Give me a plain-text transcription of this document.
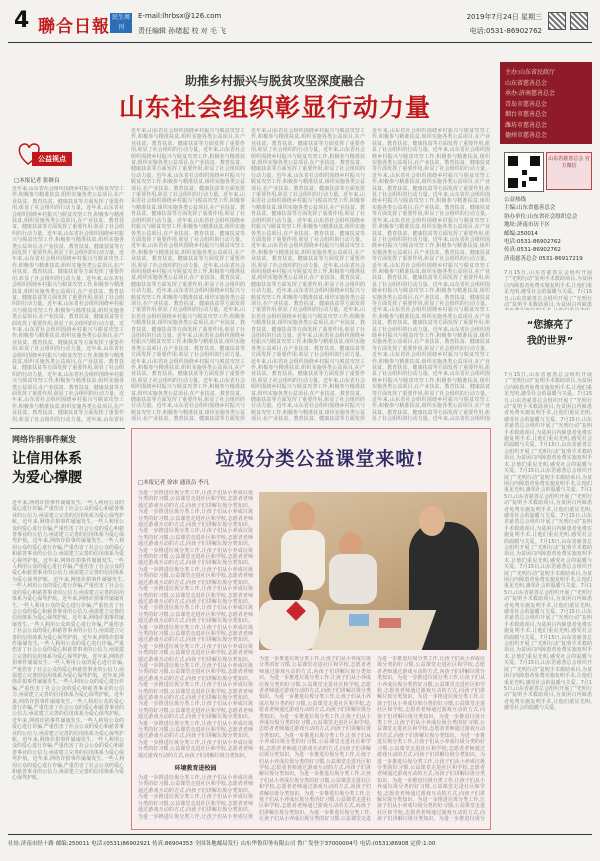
4 聯合日報 民生周刊
E-mail:lhrbsx@126.com
责任编辑 孙绪起 校 对 毛 飞
2019年7月24日 星期三
电话:0531-86902762
助推乡村振兴与脱贫攻坚深度融合
山东社会组织彰显行动力量
主办:山东省民政厅
山东省慈善总会
承办:济南慈善总会
青岛市慈善总会
烟台市慈善总会
潍坊市慈善总会
德州市慈善总会
山东省慈善总会 官方微信
公益热线
主编:山东省慈善总会
协办单位:山东省社会组织总会
地址:济南市历下区
邮编:250014
电话:0531-86902762
传真:0531-86902762
济南慈善总会 0531-86917219
公益视点
□本报记者 张继良
近年来,山东省社会组织围绕乡村振兴与脱贫攻坚工作,积极参与精准扶贫,组织实施各类公益项目,在产业扶贫、教育扶贫、健康扶贫等方面发挥了重要作用,彰显了社会组织的行动力量。近年来,山东省社会组织围绕乡村振兴与脱贫攻坚工作,积极参与精准扶贫,组织实施各类公益项目,在产业扶贫、教育扶贫、健康扶贫等方面发挥了重要作用,彰显了社会组织的行动力量。近年来,山东省社会组织围绕乡村振兴与脱贫攻坚工作,积极参与精准扶贫,组织实施各类公益项目,在产业扶贫、教育扶贫、健康扶贫等方面发挥了重要作用,彰显了社会组织的行动力量。近年来,山东省社会组织围绕乡村振兴与脱贫攻坚工作,积极参与精准扶贫,组织实施各类公益项目,在产业扶贫、教育扶贫、健康扶贫等方面发挥了重要作用,彰显了社会组织的行动力量。近年来,山东省社会组织围绕乡村振兴与脱贫攻坚工作,积极参与精准扶贫,组织实施各类公益项目,在产业扶贫、教育扶贫、健康扶贫等方面发挥了重要作用,彰显了社会组织的行动力量。近年来,山东省社会组织围绕乡村振兴与脱贫攻坚工作,积极参与精准扶贫,组织实施各类公益项目,在产业扶贫、教育扶贫、健康扶贫等方面发挥了重要作用,彰显了社会组织的行动力量。近年来,山东省社会组织围绕乡村振兴与脱贫攻坚工作,积极参与精准扶贫,组织实施各类公益项目,在产业扶贫、教育扶贫、健康扶贫等方面发挥了重要作用,彰显了社会组织的行动力量。近年来,山东省社会组织围绕乡村振兴与脱贫攻坚工作,积极参与精准扶贫,组织实施各类公益项目,在产业扶贫、教育扶贫、健康扶贫等方面发挥了重要作用,彰显了社会组织的行动力量。近年来,山东省社会组织围绕乡村振兴与脱贫攻坚工作,积极参与精准扶贫,组织实施各类公益项目,在产业扶贫、教育扶贫、健康扶贫等方面发挥了重要作用,彰显了社会组织的行动力量。近年来,山东省社会组织围绕乡村振兴与脱贫攻坚工作,积极参与精准扶贫,组织实施各类公益项目,在产业扶贫、教育扶贫、健康扶贫等方面发挥了重要作用,彰显了社会组织的行动力量。近年来,山东省社
近年来,山东省社会组织围绕乡村振兴与脱贫攻坚工作,积极参与精准扶贫,组织实施各类公益项目,在产业扶贫、教育扶贫、健康扶贫等方面发挥了重要作用,彰显了社会组织的行动力量。近年来,山东省社会组织围绕乡村振兴与脱贫攻坚工作,积极参与精准扶贫,组织实施各类公益项目,在产业扶贫、教育扶贫、健康扶贫等方面发挥了重要作用,彰显了社会组织的行动力量。近年来,山东省社会组织围绕乡村振兴与脱贫攻坚工作,积极参与精准扶贫,组织实施各类公益项目,在产业扶贫、教育扶贫、健康扶贫等方面发挥了重要作用,彰显了社会组织的行动力量。近年来,山东省社会组织围绕乡村振兴与脱贫攻坚工作,积极参与精准扶贫,组织实施各类公益项目,在产业扶贫、教育扶贫、健康扶贫等方面发挥了重要作用,彰显了社会组织的行动力量。近年来,山东省社会组织围绕乡村振兴与脱贫攻坚工作,积极参与精准扶贫,组织实施各类公益项目,在产业扶贫、教育扶贫、健康扶贫等方面发挥了重要作用,彰显了社会组织的行动力量。近年来,山东省社会组织围绕乡村振兴与脱贫攻坚工作,积极参与精准扶贫,组织实施各类公益项目,在产业扶贫、教育扶贫、健康扶贫等方面发挥了重要作用,彰显了社会组织的行动力量。近年来,山东省社会组织围绕乡村振兴与脱贫攻坚工作,积极参与精准扶贫,组织实施各类公益项目,在产业扶贫、教育扶贫、健康扶贫等方面发挥了重要作用,彰显了社会组织的行动力量。近年来,山东省社会组织围绕乡村振兴与脱贫攻坚工作,积极参与精准扶贫,组织实施各类公益项目,在产业扶贫、教育扶贫、健康扶贫等方面发挥了重要作用,彰显了社会组织的行动力量。近年来,山东省社会组织围绕乡村振兴与脱贫攻坚工作,积极参与精准扶贫,组织实施各类公益项目,在产业扶贫、教育扶贫、健康扶贫等方面发挥了重要作用,彰显了社会组织的行动力量。近年来,山东省社会组织围绕乡村振兴与脱贫攻坚工作,积极参与精准扶贫,组织实施各类公益项目,在产业扶贫、教育扶贫、健康扶贫等方面发挥了重要作用,彰显了社会组织的行动力量。近年来,山东省社会组织围绕乡村振兴与脱贫攻坚工作,积极参与精准扶贫,组织实施各类公益项目,在产业扶贫、教育扶贫、健康扶贫等方面发挥了重要作用,彰显了社会组织的行动力量。近年来,山东省社会组织围绕乡村振兴与脱贫攻坚工作,积极参与精准扶贫,组织实施各类公益项目,在产业扶贫、教育扶贫、健康扶贫等方面发挥了重要作用,彰显了社会组织的行动力量。近年来,山东省社会组织围绕乡村振兴与脱贫攻坚工作,积极参与精准扶贫,组织实施各类公益项目,在产业扶贫、教育扶贫、健康扶贫等方面发挥
近年来,山东省社会组织围绕乡村振兴与脱贫攻坚工作,积极参与精准扶贫,组织实施各类公益项目,在产业扶贫、教育扶贫、健康扶贫等方面发挥了重要作用,彰显了社会组织的行动力量。近年来,山东省社会组织围绕乡村振兴与脱贫攻坚工作,积极参与精准扶贫,组织实施各类公益项目,在产业扶贫、教育扶贫、健康扶贫等方面发挥了重要作用,彰显了社会组织的行动力量。近年来,山东省社会组织围绕乡村振兴与脱贫攻坚工作,积极参与精准扶贫,组织实施各类公益项目,在产业扶贫、教育扶贫、健康扶贫等方面发挥了重要作用,彰显了社会组织的行动力量。近年来,山东省社会组织围绕乡村振兴与脱贫攻坚工作,积极参与精准扶贫,组织实施各类公益项目,在产业扶贫、教育扶贫、健康扶贫等方面发挥了重要作用,彰显了社会组织的行动力量。近年来,山东省社会组织围绕乡村振兴与脱贫攻坚工作,积极参与精准扶贫,组织实施各类公益项目,在产业扶贫、教育扶贫、健康扶贫等方面发挥了重要作用,彰显了社会组织的行动力量。近年来,山东省社会组织围绕乡村振兴与脱贫攻坚工作,积极参与精准扶贫,组织实施各类公益项目,在产业扶贫、教育扶贫、健康扶贫等方面发挥了重要作用,彰显了社会组织的行动力量。近年来,山东省社会组织围绕乡村振兴与脱贫攻坚工作,积极参与精准扶贫,组织实施各类公益项目,在产业扶贫、教育扶贫、健康扶贫等方面发挥了重要作用,彰显了社会组织的行动力量。近年来,山东省社会组织围绕乡村振兴与脱贫攻坚工作,积极参与精准扶贫,组织实施各类公益项目,在产业扶贫、教育扶贫、健康扶贫等方面发挥了重要作用,彰显了社会组织的行动力量。近年来,山东省社会组织围绕乡村振兴与脱贫攻坚工作,积极参与精准扶贫,组织实施各类公益项目,在产业扶贫、教育扶贫、健康扶贫等方面发挥了重要作用,彰显了社会组织的行动力量。近年来,山东省社会组织围绕乡村振兴与脱贫攻坚工作,积极参与精准扶贫,组织实施各类公益项目,在产业扶贫、教育扶贫、健康扶贫等方面发挥了重要作用,彰显了社会组织的行动力量。近年来,山东省社会组织围绕乡村振兴与脱贫攻坚工作,积极参与精准扶贫,组织实施各类公益项目,在产业扶贫、教育扶贫、健康扶贫等方面发挥了重要作用,彰显了社会组织的行动力量。近年来,山东省社会组织围绕乡村振兴与脱贫攻坚工作,积极参与精准扶贫,组织实施各类公益项目,在产业扶贫、教育扶贫、健康扶贫等方面发挥了重要作用,彰显了社会组织的行动力量。近年来,山东省社会组织围绕乡村振兴与脱贫攻坚工作,积极参与精准扶贫,组织实施各类公益项目,在产业扶贫、教育扶贫、健康扶贫等方面发挥
近年来,山东省社会组织围绕乡村振兴与脱贫攻坚工作,积极参与精准扶贫,组织实施各类公益项目,在产业扶贫、教育扶贫、健康扶贫等方面发挥了重要作用,彰显了社会组织的行动力量。近年来,山东省社会组织围绕乡村振兴与脱贫攻坚工作,积极参与精准扶贫,组织实施各类公益项目,在产业扶贫、教育扶贫、健康扶贫等方面发挥了重要作用,彰显了社会组织的行动力量。近年来,山东省社会组织围绕乡村振兴与脱贫攻坚工作,积极参与精准扶贫,组织实施各类公益项目,在产业扶贫、教育扶贫、健康扶贫等方面发挥了重要作用,彰显了社会组织的行动力量。近年来,山东省社会组织围绕乡村振兴与脱贫攻坚工作,积极参与精准扶贫,组织实施各类公益项目,在产业扶贫、教育扶贫、健康扶贫等方面发挥了重要作用,彰显了社会组织的行动力量。近年来,山东省社会组织围绕乡村振兴与脱贫攻坚工作,积极参与精准扶贫,组织实施各类公益项目,在产业扶贫、教育扶贫、健康扶贫等方面发挥了重要作用,彰显了社会组织的行动力量。近年来,山东省社会组织围绕乡村振兴与脱贫攻坚工作,积极参与精准扶贫,组织实施各类公益项目,在产业扶贫、教育扶贫、健康扶贫等方面发挥了重要作用,彰显了社会组织的行动力量。近年来,山东省社会组织围绕乡村振兴与脱贫攻坚工作,积极参与精准扶贫,组织实施各类公益项目,在产业扶贫、教育扶贫、健康扶贫等方面发挥了重要作用,彰显了社会组织的行动力量。近年来,山东省社会组织围绕乡村振兴与脱贫攻坚工作,积极参与精准扶贫,组织实施各类公益项目,在产业扶贫、教育扶贫、健康扶贫等方面发挥了重要作用,彰显了社会组织的行动力量。近年来,山东省社会组织围绕乡村振兴与脱贫攻坚工作,积极参与精准扶贫,组织实施各类公益项目,在产业扶贫、教育扶贫、健康扶贫等方面发挥了重要作用,彰显了社会组织的行动力量。近年来,山东省社会组织围绕乡村振兴与脱贫攻坚工作,积极参与精准扶贫,组织实施各类公益项目,在产业扶贫、教育扶贫、健康扶贫等方面发挥了重要作用,彰显了社会组织的行动力量。近年来,山东省社会组织围绕乡村振兴与脱贫攻坚工作,积极参与精准扶贫,组织实施各类公益项目,在产业扶贫、教育扶贫、健康扶贫等方面发挥了重要作用,彰显了社会组织的行动力量。近年来,山东省社会组织围绕乡村振兴与脱贫攻坚工作,积极参与精准扶贫,组织实施各类公益项目,在产业扶贫、教育扶贫、健康扶贫等方面发挥了重要作用,彰显了社会组织的行动力量。近年来,山东省社会组织围绕乡村振兴与脱贫攻坚工作,积极参与精准扶贫,组织实施各类公益项目,在产业扶贫、教育扶贫、健康扶贫等方面发挥了重要作用,彰显了社会组织的行动力量。近年来,山东省社会组织围
7月15日,山东省慈善总会组织开展了“光明行动”复明手术救助项目,为贫困白内障患者免费实施复明手术,让他们重见光明,感受社会的温暖与关爱。7月15日,山东省慈善总会组织开展了“光明行动”复明手术救助项目,为贫困白内障患
“您擦亮了
我的世界”
7月15日,山东省慈善总会组织开展了“光明行动”复明手术救助项目,为贫困白内障患者免费实施复明手术,让他们重见光明,感受社会的温暖与关爱。7月15日,山东省慈善总会组织开展了“光明行动”复明手术救助项目,为贫困白内障患者免费实施复明手术,让他们重见光明,感受社会的温暖与关爱。7月15日,山东省慈善总会组织开展了“光明行动”复明手术救助项目,为贫困白内障患者免费实施复明手术,让他们重见光明,感受社会的温暖与关爱。7月15日,山东省慈善总会组织开展了“光明行动”复明手术救助项目,为贫困白内障患者免费实施复明手术,让他们重见光明,感受社会的温暖与关爱。7月15日,山东省慈善总会组织开展了“光明行动”复明手术救助项目,为贫困白内障患者免费实施复明手术,让他们重见光明,感受社会的温暖与关爱。7月15日,山东省慈善总会组织开展了“光明行动”复明手术救助项目,为贫困白内障患者免费实施复明手术,让他们重见光明,感受社会的温暖与关爱。7月15日,山东省慈善总会组织开展了“光明行动”复明手术救助项目,为贫困白内障患者免费实施复明手术,让他们重见光明,感受社会的温暖与关爱。7月15日,山东省慈善总会组织开展了“光明行动”复明手术救助项目,为贫困白内障患者免费实施复明手术,让他们重见光明,感受社会的温暖与关爱。7月15日,山东省慈善总会组织开展了“光明行动”复明手术救助项目,为贫困白内障患者免费实施复明手术,让他们重见光明,感受社会的温暖与关爱。7月15日,山东省慈善总会组织开展了“光明行动”复明手术救助项目,为贫困白内障患者免费实施复明手术,让他们重见光明,感受社会的温暖与关爱。7月15日,山东省慈善总会组织开展了“光明行动”复明手术救助项目,为贫困白内障患者免费实施复明手术,让他们重见光明,感受社会的温暖与关爱。7月15日,山东省慈善总会组织开展了“光明行动”复明手术救助项目,为贫困白内障患者免费实施复明手术,让他们重见光明,感受社会的温暖与关爱。7月15日,山东省慈善总会组织开展了“光明行动”复明手术救助项目,为贫困白内障患者免费实施复明手术,让他们重见光明,感受社会的温暖与关爱。7月15日,山东省慈善总会组织开展了“光明行动”复明手术救助项目,为贫困白内障患者免费实施复明手术,让他们重见光明,感受社会的温暖与关爱。
网络诈捐事件频发
让信用体系
为爱心撑腰
近年来,网络诈捐事件屡屡发生,一些人利用公众的爱心进行诈骗,严重伤害了社会公众的爱心和慈善事业的公信力,亟需建立完善的信用体系为爱心保驾护航。近年来,网络诈捐事件屡屡发生,一些人利用公众的爱心进行诈骗,严重伤害了社会公众的爱心和慈善事业的公信力,亟需建立完善的信用体系为爱心保驾护航。近年来,网络诈捐事件屡屡发生,一些人利用公众的爱心进行诈骗,严重伤害了社会公众的爱心和慈善事业的公信力,亟需建立完善的信用体系为爱心保驾护航。近年来,网络诈捐事件屡屡发生,一些人利用公众的爱心进行诈骗,严重伤害了社会公众的爱心和慈善事业的公信力,亟需建立完善的信用体系为爱心保驾护航。近年来,网络诈捐事件屡屡发生,一些人利用公众的爱心进行诈骗,严重伤害了社会公众的爱心和慈善事业的公信力,亟需建立完善的信用体系为爱心保驾护航。近年来,网络诈捐事件屡屡发生,一些人利用公众的爱心进行诈骗,严重伤害了社会公众的爱心和慈善事业的公信力,亟需建立完善的信用体系为爱心保驾护航。近年来,网络诈捐事件屡屡发生,一些人利用公众的爱心进行诈骗,严重伤害了社会公众的爱心和慈善事业的公信力,亟需建立完善的信用体系为爱心保驾护航。近年来,网络诈捐事件屡屡发生,一些人利用公众的爱心进行诈骗,严重伤害了社会公众的爱心和慈善事业的公信力,亟需建立完善的信用体系为爱心保驾护航。近年来,网络诈捐事件屡屡发生,一些人利用公众的爱心进行诈骗,严重伤害了社会公众的爱心和慈善事业的公信力,亟需建立完善的信用体系为爱心保驾护航。近年来,网络诈捐事件屡屡发生,一些人利用公众的爱心进行诈骗,严重伤害了社会公众的爱心和慈善事业的公信力,亟需建立完善的信用体系为爱心保驾护航。近年来,网络诈捐事件屡屡发生,一些人利用公众的爱心进行诈骗,严重伤害了社会公众的爱心和慈善事业的公信力,亟需建立完善的信用体系为爱心保驾护航。近年来,网络诈捐事件屡屡发生,一些人利用公众的爱心进行诈骗,严重伤害了社会公众的爱心和慈善事业的公信力,亟需建立完善的信用体系为爱心保驾护航。近年来,网络诈捐事件屡屡发生,一些人利用公众的爱心进行诈骗,严重伤害了社会公众的爱心和慈善事业的公信力,亟需建立完善的信用体系为爱心保驾护航。近年来,网络诈捐事件屡屡发生,一些人利用公众的爱心进行诈骗,严重伤害了社会公众的爱心和慈善事业的公信力,亟需建立完善的信用体系为爱心保驾护航。
垃圾分类公益课堂来啦!
□本报记者 徐冰 通讯员 李凡
为进一步推进垃圾分类工作,让孩子们从小养成垃圾分类的好习惯,公益课堂走进社区和学校,志愿者老师通过游戏互动的方式,向孩子们讲解垃圾分类知识。为进一步推进垃圾分类工作,让孩子们从小养成垃圾分类的好习惯,公益课堂走进社区和学校,志愿者老师通过游戏互动的方式,向孩子们讲解垃圾分类知识。为进一步推进垃圾分类工作,让孩子们从小养成垃圾分类的好习惯,公益课堂走进社区和学校,志愿者老师通过游戏互动的方式,向孩子们讲解垃圾分类知识。为进一步推进垃圾分类工作,让孩子们从小养成垃圾分类的好习惯,公益课堂走进社区和学校,志愿者老师通过游戏互动的方式,向孩子们讲解垃圾分类知识。为进一步推进垃圾分类工作,让孩子们从小养成垃圾分类的好习惯,公益课堂走进社区和学校,志愿者老师通过游戏互动的方式,向孩子们讲解垃圾分类知识。为进一步推进垃圾分类工作,让孩子们从小养成垃圾分类的好习惯,公益课堂走进社区和学校,志愿者老师通过游戏互动的方式,向孩子们讲解垃圾分类知识。为进一步推进垃圾分类工作,让孩子们从小养成垃圾分类的好习惯,公益课堂走进社区和学校,志愿者老师通过游戏互动的方式,向孩子们讲解垃圾分类知识。为进一步推进垃圾分类工作,让孩子们从小养成垃圾分类的好习惯,公益课堂走进社区和学校,志愿者老师通过游戏互动的方式,向孩子们讲解垃圾分类知识。为进一步推进垃圾分类工作,让孩子们从小养成垃圾分类的好习惯,公益课堂走进社区和学校,志愿者老师通过游戏互动的方式,向孩子们讲解垃圾分类知识。为进一步推进垃圾分类工作,让孩子们从小养成垃圾分类的好习惯,公益课堂走进社区和学校,志愿者老师通过游戏互动的方式,向孩子们讲解垃圾分类知识。为进一步推进垃圾分类工作,让孩子们从小养成垃圾分类的好习惯,公益课堂走进社区和学校,志愿者老师通过游戏互动的方式,向孩子们讲解垃圾分类知识。为进一步推进垃圾分类工作,让孩子们从小养成垃圾分类的好习惯,公益课堂走进社区和学校,志愿者老师通过游戏互动的方式,向孩子们讲解垃圾分类知识。为进一步推进垃圾分类工作,让孩子们从小养成垃圾分类的好习惯,公益课堂走进社区和学校,志愿者老师通过游戏互动的方式,向孩子们讲解垃圾分类知识。为进一步推进垃圾分类工作,让孩子们从小养成垃圾分类的好习惯,公益课堂走进社区和学校,志愿者老师通过游戏互动的方式,向孩子们讲解垃圾分类知识。
环境教育进校园
为进一步推进垃圾分类工作,让孩子们从小养成垃圾分类的好习惯,公益课堂走进社区和学校,志愿者老师通过游戏互动的方式,向孩子们讲解垃圾分类知识。为进一步推进垃圾分类工作,让孩子们从小养成垃圾分类的好习惯,公益课堂走进社区和学校,志愿者老师通过游戏互动的方式,向孩子们讲解垃圾分类知识。为进一步推进垃圾分类工作,让孩子们从小养成垃圾
为进一步推进垃圾分类工作,让孩子们从小养成垃圾分类的好习惯,公益课堂走进社区和学校,志愿者老师通过游戏互动的方式,向孩子们讲解垃圾分类知识。为进一步推进垃圾分类工作,让孩子们从小养成垃圾分类的好习惯,公益课堂走进社区和学校,志愿者老师通过游戏互动的方式,向孩子们讲解垃圾分类知识。为进一步推进垃圾分类工作,让孩子们从小养成垃圾分类的好习惯,公益课堂走进社区和学校,志愿者老师通过游戏互动的方式,向孩子们讲解垃圾分类知识。为进一步推进垃圾分类工作,让孩子们从小养成垃圾分类的好习惯,公益课堂走进社区和学校,志愿者老师通过游戏互动的方式,向孩子们讲解垃圾分类知识。为进一步推进垃圾分类工作,让孩子们从小养成垃圾分类的好习惯,公益课堂走进社区和学校,志愿者老师通过游戏互动的方式,向孩子们讲解垃圾分类知识。为进一步推进垃圾分类工作,让孩子们从小养成垃圾分类的好习惯,公益课堂走进社区和学校,志愿者老师通过游戏互动的方式,向孩子们讲解垃圾分类知识。为进一步推进垃圾分类工作,让孩子们从小养成垃圾分类的好习惯,公益课堂走进社区和学校,志愿者老师通过游戏互动的方式,向孩子们讲解垃圾分类知识。为进一步推进垃圾分类工作,让孩子们从小养成垃圾分类的好习惯,公益课堂走进社区和学校,志愿者老师通过游戏互动的方式,向孩子们讲解垃圾分类知识。为进一步推进垃圾分类工作,让孩子们从小养成垃圾分类的好习惯,公益课堂走进
为进一步推进垃圾分类工作,让孩子们从小养成垃圾分类的好习惯,公益课堂走进社区和学校,志愿者老师通过游戏互动的方式,向孩子们讲解垃圾分类知识。为进一步推进垃圾分类工作,让孩子们从小养成垃圾分类的好习惯,公益课堂走进社区和学校,志愿者老师通过游戏互动的方式,向孩子们讲解垃圾分类知识。为进一步推进垃圾分类工作,让孩子们从小养成垃圾分类的好习惯,公益课堂走进社区和学校,志愿者老师通过游戏互动的方式,向孩子们讲解垃圾分类知识。为进一步推进垃圾分类工作,让孩子们从小养成垃圾分类的好习惯,公益课堂走进社区和学校,志愿者老师通过游戏互动的方式,向孩子们讲解垃圾分类知识。为进一步推进垃圾分类工作,让孩子们从小养成垃圾分类的好习惯,公益课堂走进社区和学校,志愿者老师通过游戏互动的方式,向孩子们讲解垃圾分类知识。为进一步推进垃圾分类工作,让孩子们从小养成垃圾分类的好习惯,公益课堂走进社区和学校,志愿者老师通过游戏互动的方式,向孩子们讲解垃圾分类知识。为进一步推进垃圾分类工作,让孩子们从小养成垃圾分类的好习惯,公益课堂走进社区和学校,志愿者老师通过游戏互动的方式,向孩子们讲解垃圾分类知识。为进一步推进垃圾分类工作,让孩子们从小养成垃圾分类的好习惯,公益课堂走进社区和学校,志愿者老师通过游戏互动的方式,向孩子们讲解垃圾分类知识。为进一步推进垃圾分
社址:济南市经十路 邮编:250011 电话:(0531)86902921 传真:86904353 全国各地邮局发行 山东华鲁印务有限公司 鲁广发登字37000004号 电话:(0531)86908 定价:1.00
